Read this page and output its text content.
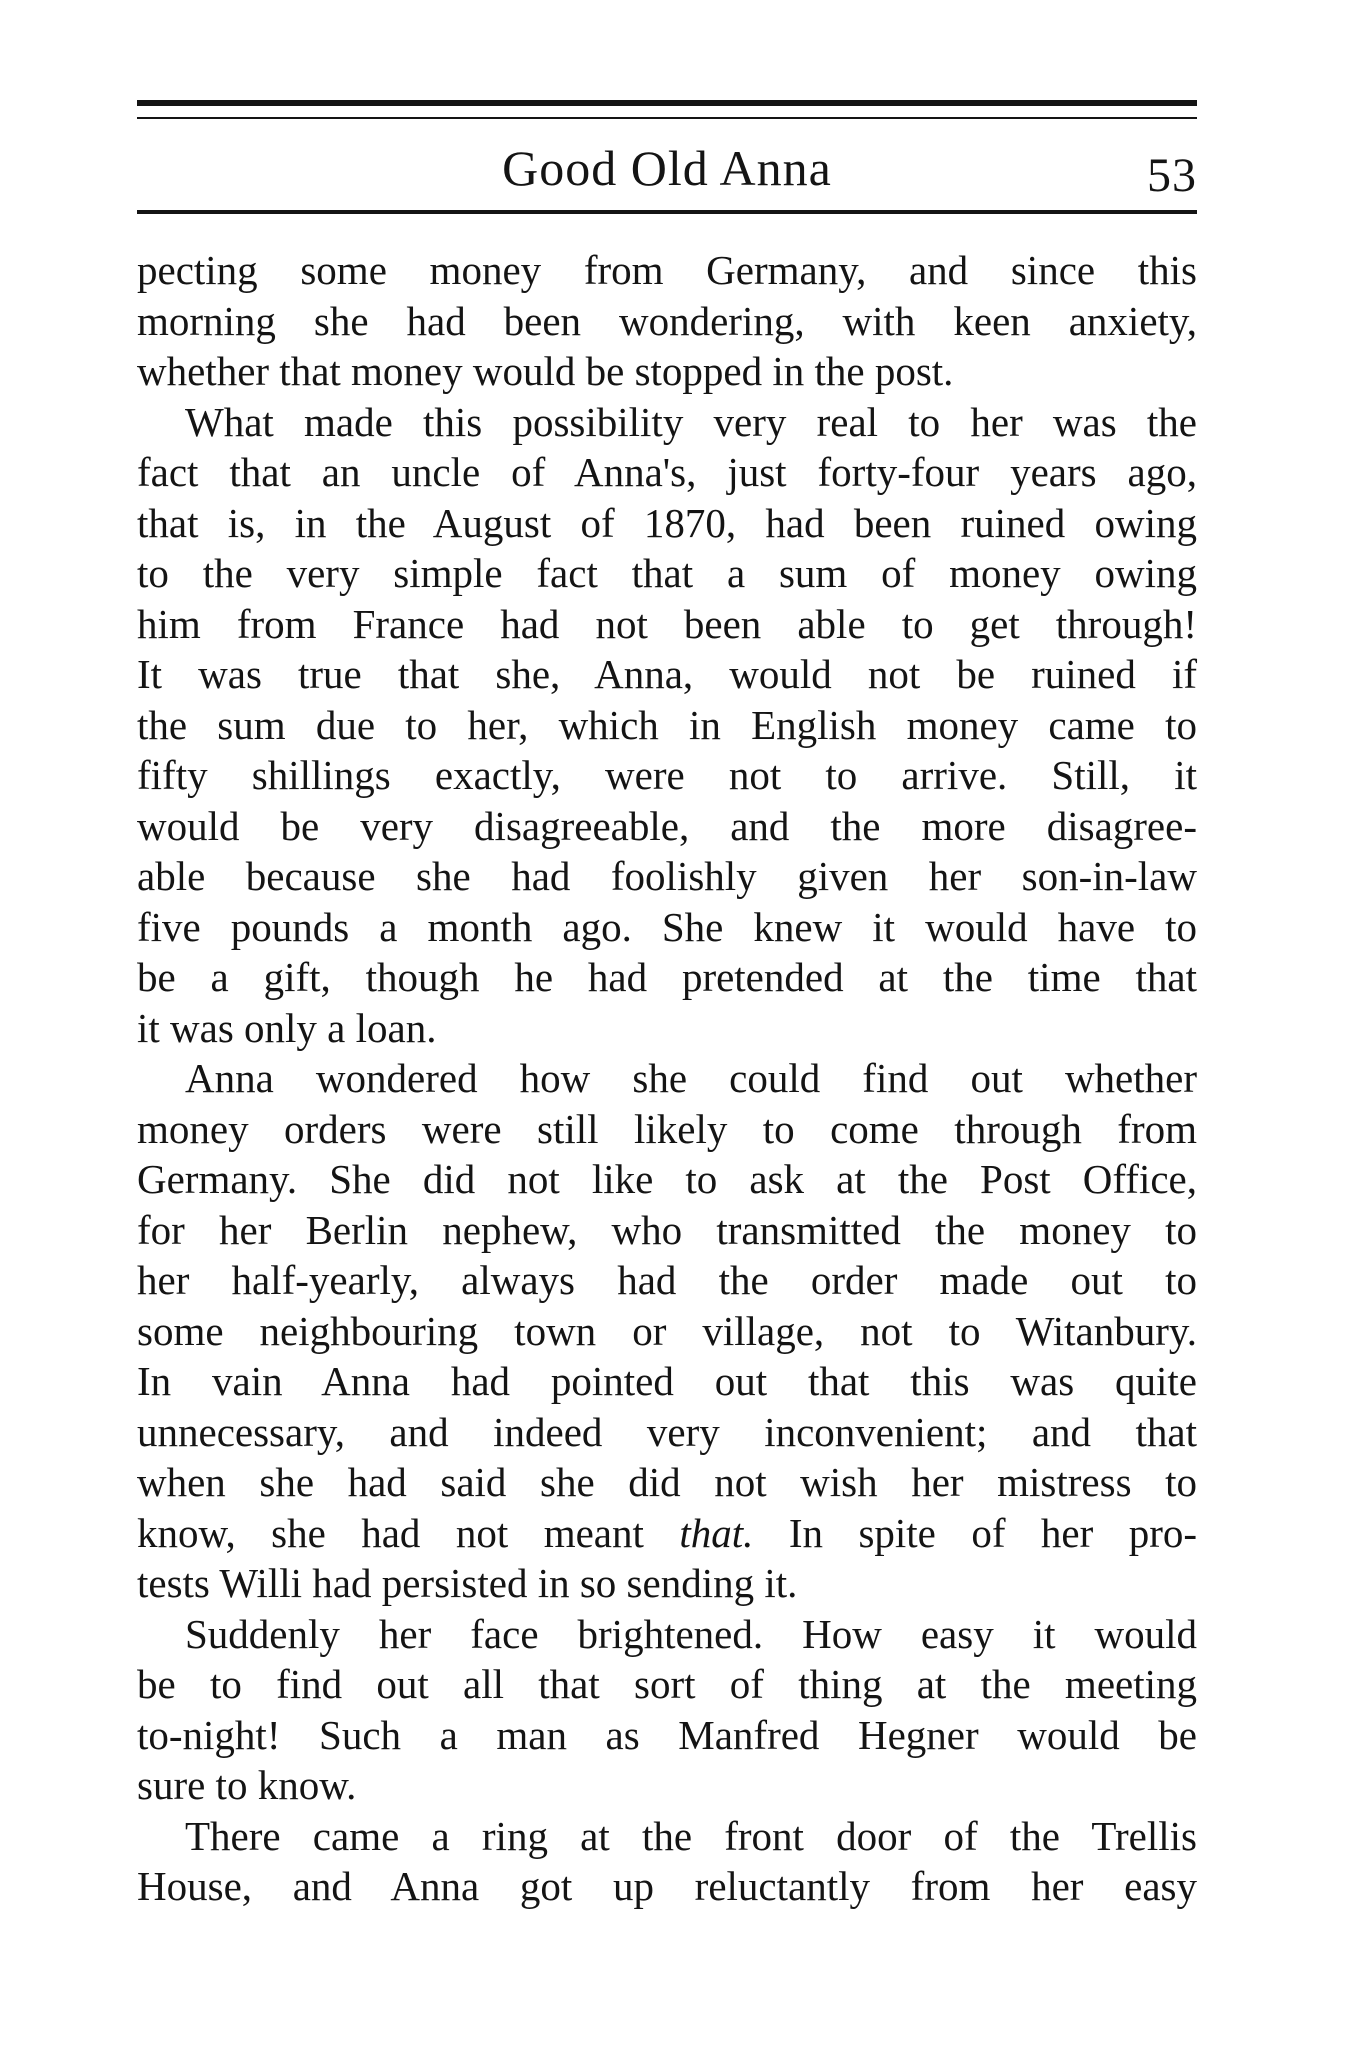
Good Old Anna	53
pecting some money from Germany, and since this
morning she had been wondering, with keen anxiety,
whether that money would be stopped in the post.
What made this possibility very real to her was the
fact that an uncle of Anna's, just forty-four years ago,
that is, in the August of 1870, had been ruined owing
to the very simple fact that a sum of money owing
him from France had not been able to get through!
It was true that she, Anna, would not be ruined if
the sum due to her, which in English money came to
fifty shillings exactly, were not to arrive. Still, it
would be very disagreeable, and the more disagree-
able because she had foolishly given her son-in-law
five pounds a month ago. She knew it would have to
be a gift, though he had pretended at the time that
it was only a loan.
Anna wondered how she could find out whether
money orders were still likely to come through from
Germany. She did not like to ask at the Post Office,
for her Berlin nephew, who transmitted the money to
her half-yearly, always had the order made out to
some neighbouring town or village, not to Witanbury.
In vain Anna had pointed out that this was quite
unnecessary, and indeed very inconvenient; and that
when she had said she did not wish her mistress to
know, she had not meant that. In spite of her pro-
tests Willi had persisted in so sending it.
Suddenly her face brightened. How easy it would
be to find out all that sort of thing at the meeting
to-night! Such a man as Manfred Hegner would be
sure to know.
There came a ring at the front door of the Trellis
House, and Anna got up reluctantly from her easy
